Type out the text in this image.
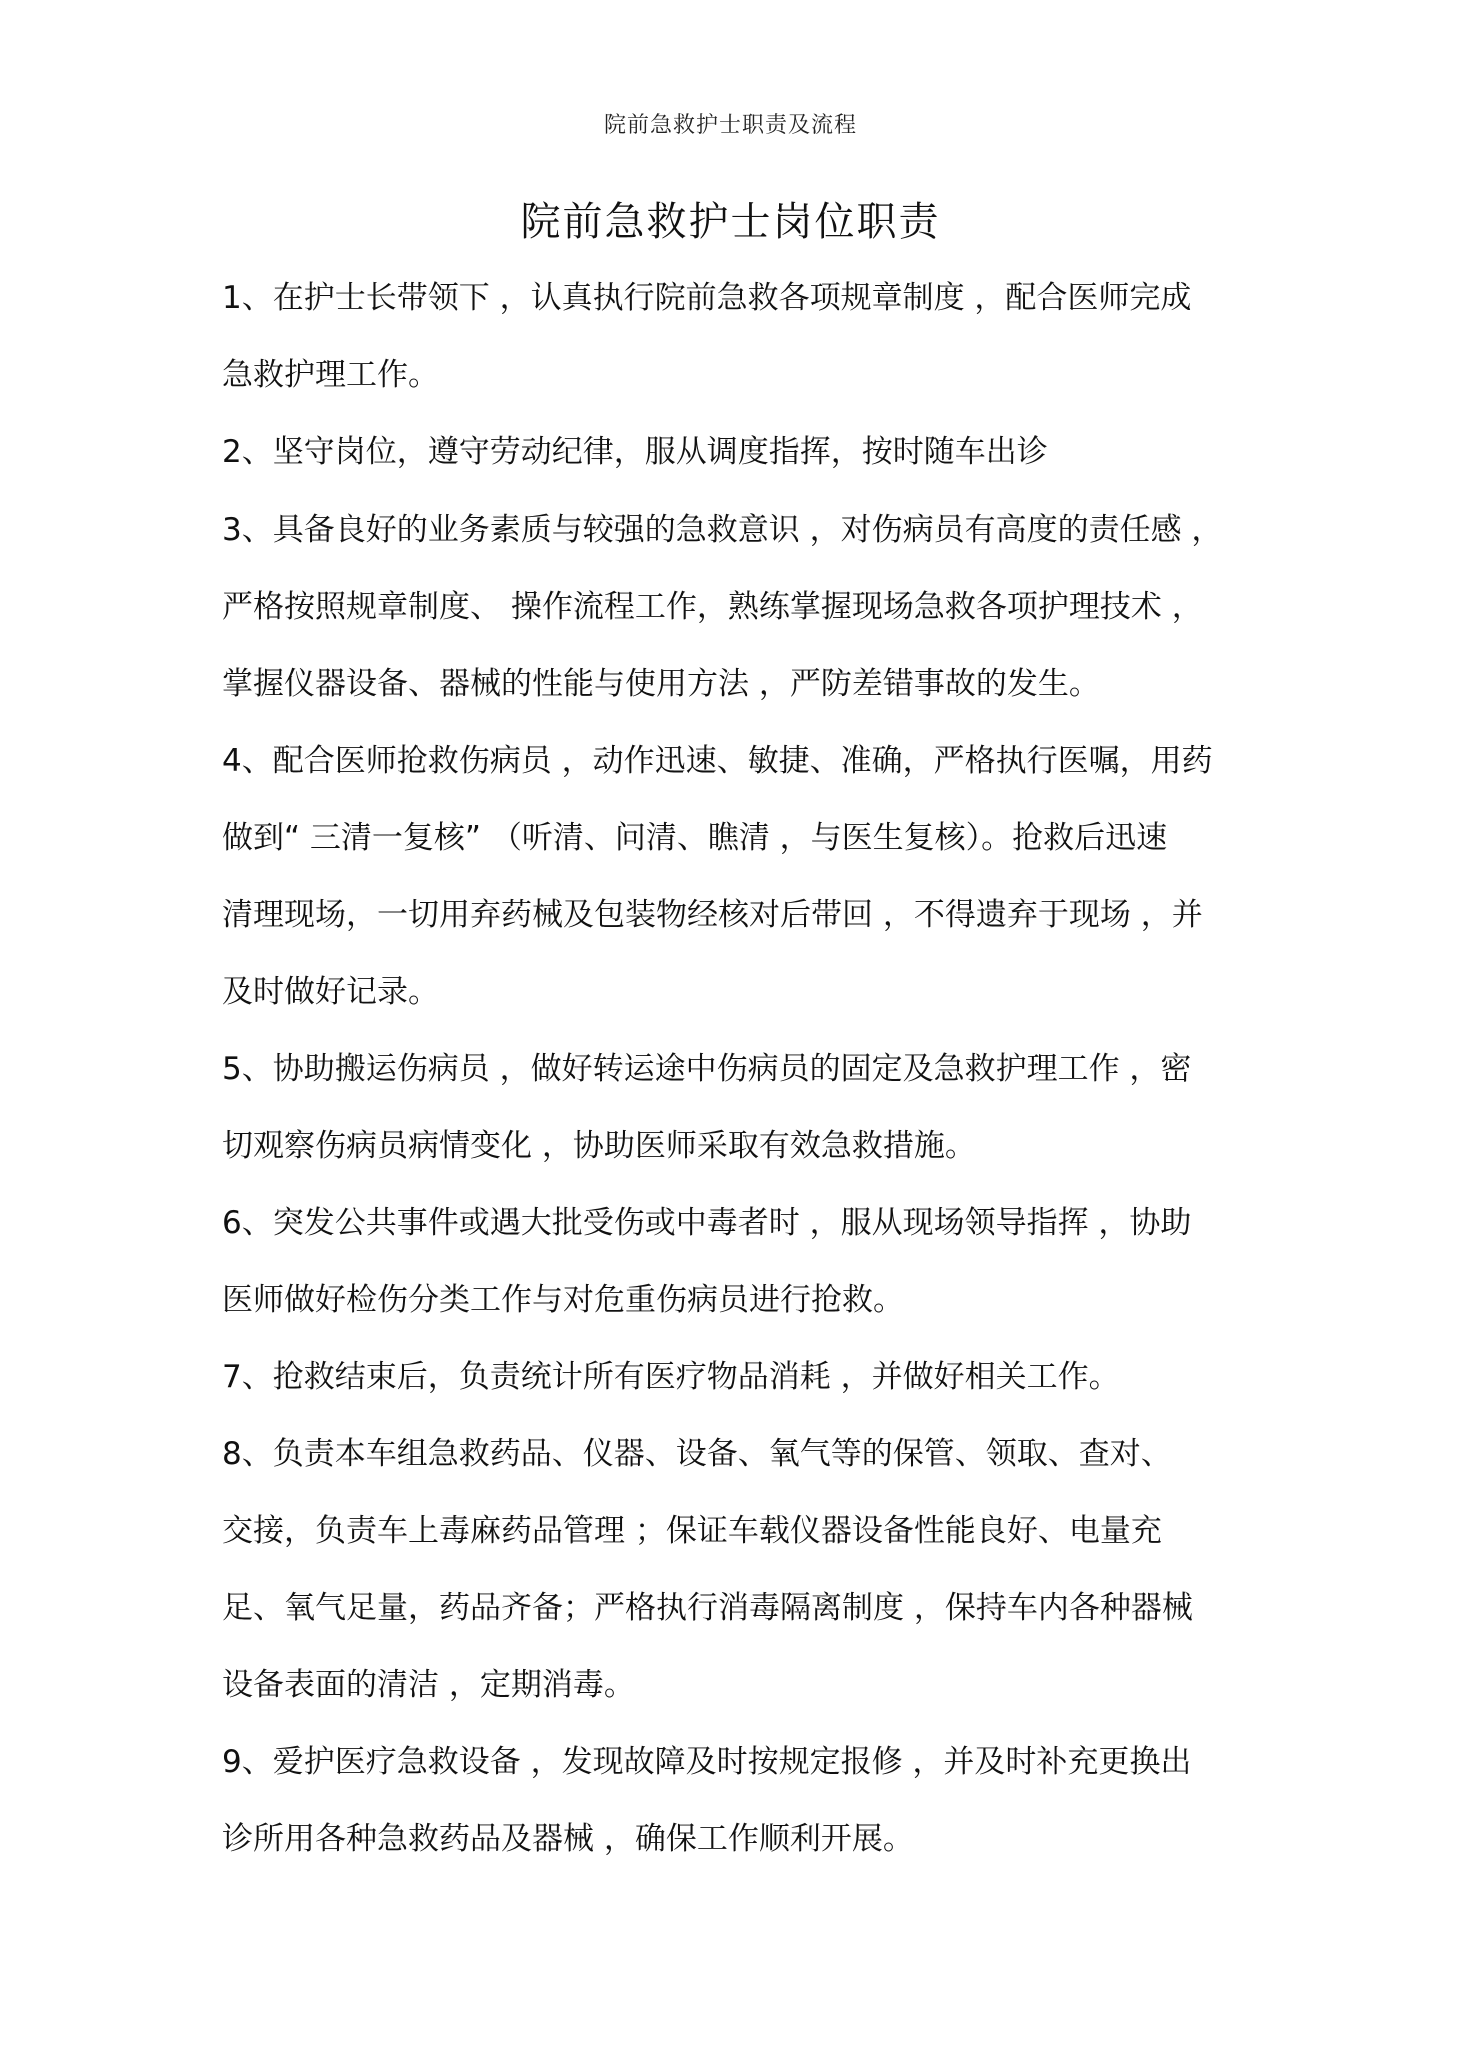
院前急救护士职责及流程
院前急救护士岗位职责
1、在护士长带领下 ，认真执行院前急救各项规章制度 ，配合医师完成
急救护理工作。
2、坚守岗位，遵守劳动纪律，服从调度指挥，按时随车出诊
3、具备良好的业务素质与较强的急救意识 ，对伤病员有高度的责任感 ，
严格按照规章制度、 操作流程工作，熟练掌握现场急救各项护理技术 ，
掌握仪器设备、器械的性能与使用方法 ，严防差错事故的发生。
4、配合医师抢救伤病员 ，动作迅速、敏捷、准确，严格执行医嘱，用药
做到“ 三清一复核” （听清、问清、瞧清 ，与医生复核）。抢救后迅速
清理现场，一切用弃药械及包装物经核对后带回 ，不得遗弃于现场 ，并
及时做好记录。
5、协助搬运伤病员 ，做好转运途中伤病员的固定及急救护理工作 ，密
切观察伤病员病情变化 ，协助医师采取有效急救措施。
6、突发公共事件或遇大批受伤或中毒者时 ，服从现场领导指挥 ，协助
医师做好检伤分类工作与对危重伤病员进行抢救。
7、抢救结束后，负责统计所有医疗物品消耗 ，并做好相关工作。
8、负责本车组急救药品、仪器、设备、氧气等的保管、领取、查对、
交接，负责车上毒麻药品管理 ；保证车载仪器设备性能良好、电量充
足、氧气足量，药品齐备；严格执行消毒隔离制度 ，保持车内各种器械
设备表面的清洁 ，定期消毒。
9、爱护医疗急救设备 ，发现故障及时按规定报修 ，并及时补充更换出
诊所用各种急救药品及器械 ，确保工作顺利开展。
